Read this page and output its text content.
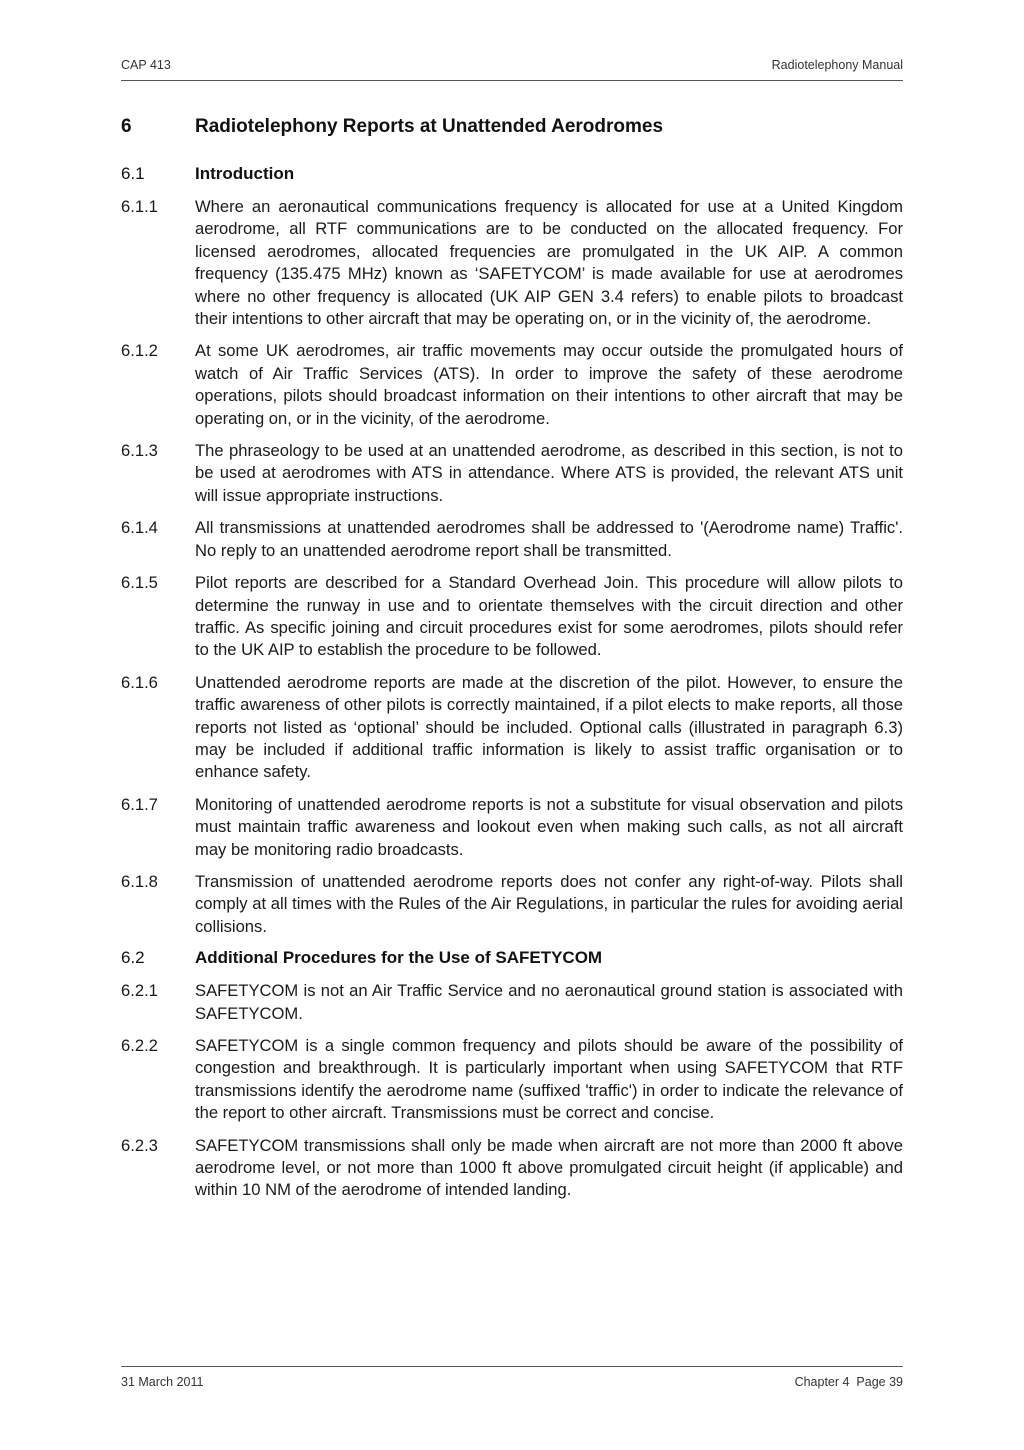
CAP 413	Radiotelephony Manual
6	Radiotelephony Reports at Unattended Aerodromes
6.1	Introduction
6.1.1	Where an aeronautical communications frequency is allocated for use at a United Kingdom aerodrome, all RTF communications are to be conducted on the allocated frequency. For licensed aerodromes, allocated frequencies are promulgated in the UK AIP. A common frequency (135.475 MHz) known as ‘SAFETYCOM’ is made available for use at aerodromes where no other frequency is allocated (UK AIP GEN 3.4 refers) to enable pilots to broadcast their intentions to other aircraft that may be operating on, or in the vicinity of, the aerodrome.
6.1.2	At some UK aerodromes, air traffic movements may occur outside the promulgated hours of watch of Air Traffic Services (ATS). In order to improve the safety of these aerodrome operations, pilots should broadcast information on their intentions to other aircraft that may be operating on, or in the vicinity, of the aerodrome.
6.1.3	The phraseology to be used at an unattended aerodrome, as described in this section, is not to be used at aerodromes with ATS in attendance. Where ATS is provided, the relevant ATS unit will issue appropriate instructions.
6.1.4	All transmissions at unattended aerodromes shall be addressed to '(Aerodrome name) Traffic'. No reply to an unattended aerodrome report shall be transmitted.
6.1.5	Pilot reports are described for a Standard Overhead Join. This procedure will allow pilots to determine the runway in use and to orientate themselves with the circuit direction and other traffic. As specific joining and circuit procedures exist for some aerodromes, pilots should refer to the UK AIP to establish the procedure to be followed.
6.1.6	Unattended aerodrome reports are made at the discretion of the pilot. However, to ensure the traffic awareness of other pilots is correctly maintained, if a pilot elects to make reports, all those reports not listed as ‘optional’ should be included. Optional calls (illustrated in paragraph 6.3) may be included if additional traffic information is likely to assist traffic organisation or to enhance safety.
6.1.7	Monitoring of unattended aerodrome reports is not a substitute for visual observation and pilots must maintain traffic awareness and lookout even when making such calls, as not all aircraft may be monitoring radio broadcasts.
6.1.8	Transmission of unattended aerodrome reports does not confer any right-of-way. Pilots shall comply at all times with the Rules of the Air Regulations, in particular the rules for avoiding aerial collisions.
6.2	Additional Procedures for the Use of SAFETYCOM
6.2.1	SAFETYCOM is not an Air Traffic Service and no aeronautical ground station is associated with SAFETYCOM.
6.2.2	SAFETYCOM is a single common frequency and pilots should be aware of the possibility of congestion and breakthrough. It is particularly important when using SAFETYCOM that RTF transmissions identify the aerodrome name (suffixed 'traffic') in order to indicate the relevance of the report to other aircraft. Transmissions must be correct and concise.
6.2.3	SAFETYCOM transmissions shall only be made when aircraft are not more than 2000 ft above aerodrome level, or not more than 1000 ft above promulgated circuit height (if applicable) and within 10 NM of the aerodrome of intended landing.
31 March 2011	Chapter 4  Page 39
